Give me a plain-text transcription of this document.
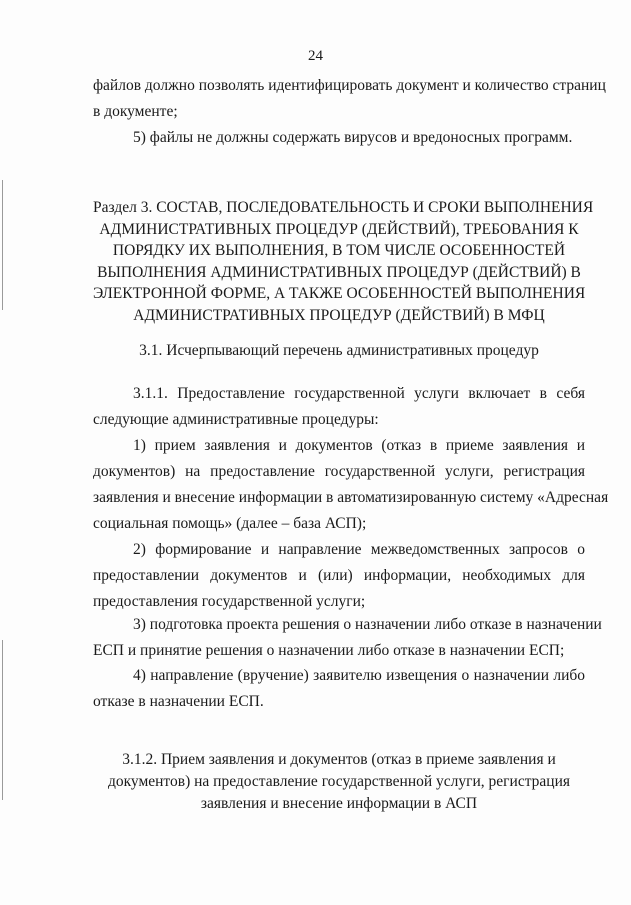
24
файлов должно позволять идентифицировать документ и количество страниц
в документе;
5) файлы не должны содержать вирусов и вредоносных программ.
Раздел 3. СОСТАВ, ПОСЛЕДОВАТЕЛЬНОСТЬ И СРОКИ ВЫПОЛНЕНИЯ
АДМИНИСТРАТИВНЫХ ПРОЦЕДУР (ДЕЙСТВИЙ), ТРЕБОВАНИЯ К
ПОРЯДКУ ИХ ВЫПОЛНЕНИЯ, В ТОМ ЧИСЛЕ ОСОБЕННОСТЕЙ
ВЫПОЛНЕНИЯ АДМИНИСТРАТИВНЫХ ПРОЦЕДУР (ДЕЙСТВИЙ) В
ЭЛЕКТРОННОЙ ФОРМЕ, А ТАКЖЕ ОСОБЕННОСТЕЙ ВЫПОЛНЕНИЯ
АДМИНИСТРАТИВНЫХ ПРОЦЕДУР (ДЕЙСТВИЙ) В МФЦ
3.1. Исчерпывающий перечень административных процедур
3.1.1. Предоставление государственной услуги включает в себя
следующие административные процедуры:
1) прием заявления и документов (отказ в приеме заявления и
документов) на предоставление государственной услуги, регистрация
заявления и внесение информации в автоматизированную систему «Адресная
социальная помощь» (далее – база АСП);
2) формирование и направление межведомственных запросов о
предоставлении документов и (или) информации, необходимых для
предоставления государственной услуги;
3) подготовка проекта решения о назначении либо отказе в назначении
ЕСП и принятие решения о назначении либо отказе в назначении ЕСП;
4) направление (вручение) заявителю извещения о назначении либо
отказе в назначении ЕСП.
3.1.2. Прием заявления и документов (отказ в приеме заявления и
документов) на предоставление государственной услуги, регистрация
заявления и внесение информации в АСП
